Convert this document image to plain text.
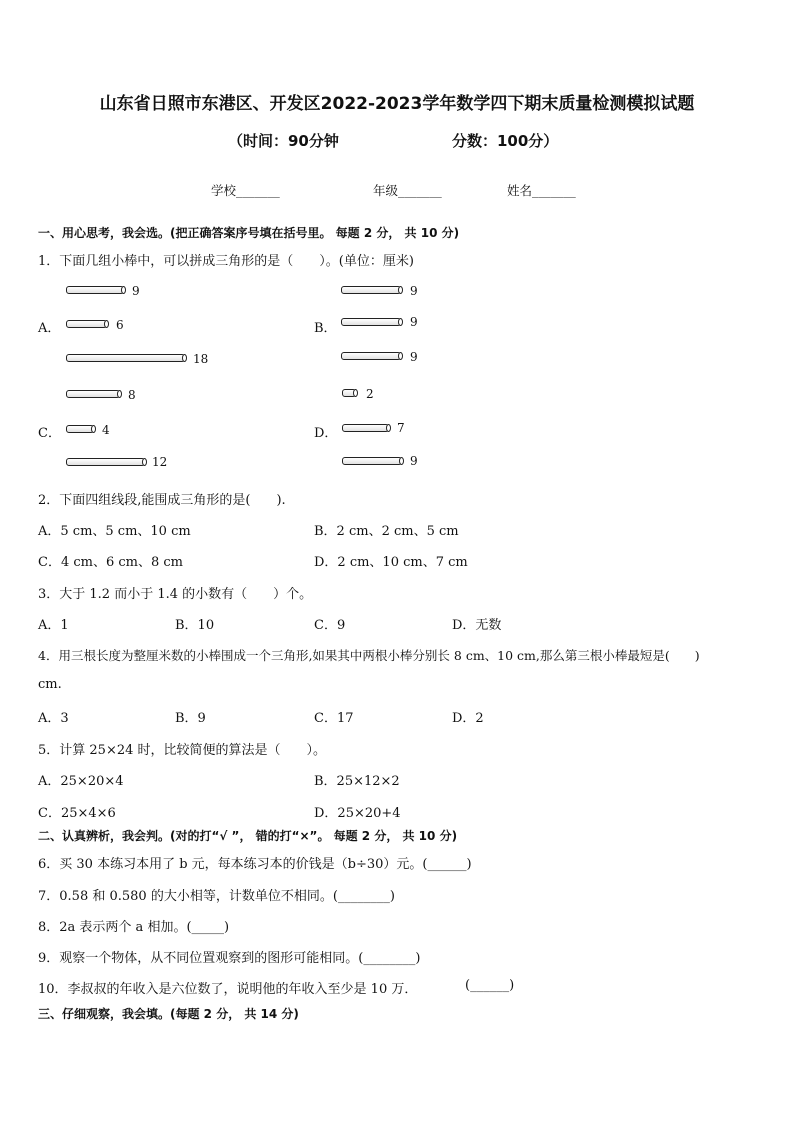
山东省日照市东港区、开发区2022-2023学年数学四下期末质量检测模拟试题
（时间：90分钟	分数：100分）
学校_______	年级_______	姓名_______
一、用心思考，我会选。(把正确答案序号填在括号里。 每题 2 分， 共 10 分)
1．下面几组小棒中，可以拼成三角形的是（　　）。(单位：厘米)
A．
9
6
18
B．
9
9
9
C．
8
4
12
D．
2
7
9
2．下面四组线段,能围成三角形的是(　　).
A．5 cm、5 cm、10 cm	B．2 cm、2 cm、5 cm
C．4 cm、6 cm、8 cm	D．2 cm、10 cm、7 cm
3．大于 1.2 而小于 1.4 的小数有（　　）个。
A．1	B．10	C．9	D．无数
4．用三根长度为整厘米数的小棒围成一个三角形,如果其中两根小棒分别长 8 cm、10 cm,那么第三根小棒最短是(　　)
cm.
A．3	B．9	C．17	D．2
5．计算 25×24 时，比较简便的算法是（　　）。
A．25×20×4	B．25×12×2
C．25×4×6	D．25×20+4
二、认真辨析，我会判。(对的打“√ ”， 错的打“×”。 每题 2 分， 共 10 分)
6．买 30 本练习本用了 b 元，每本练习本的价钱是（b÷30）元。(______)
7．0.58 和 0.580 的大小相等，计数单位不相同。(________)
8．2a 表示两个 a 相加。(_____)
9．观察一个物体，从不同位置观察到的图形可能相同。(________)
10．李叔叔的年收入是六位数了，说明他的年收入至少是 10 万．	(______)
三、仔细观察，我会填。(每题 2 分， 共 14 分)
